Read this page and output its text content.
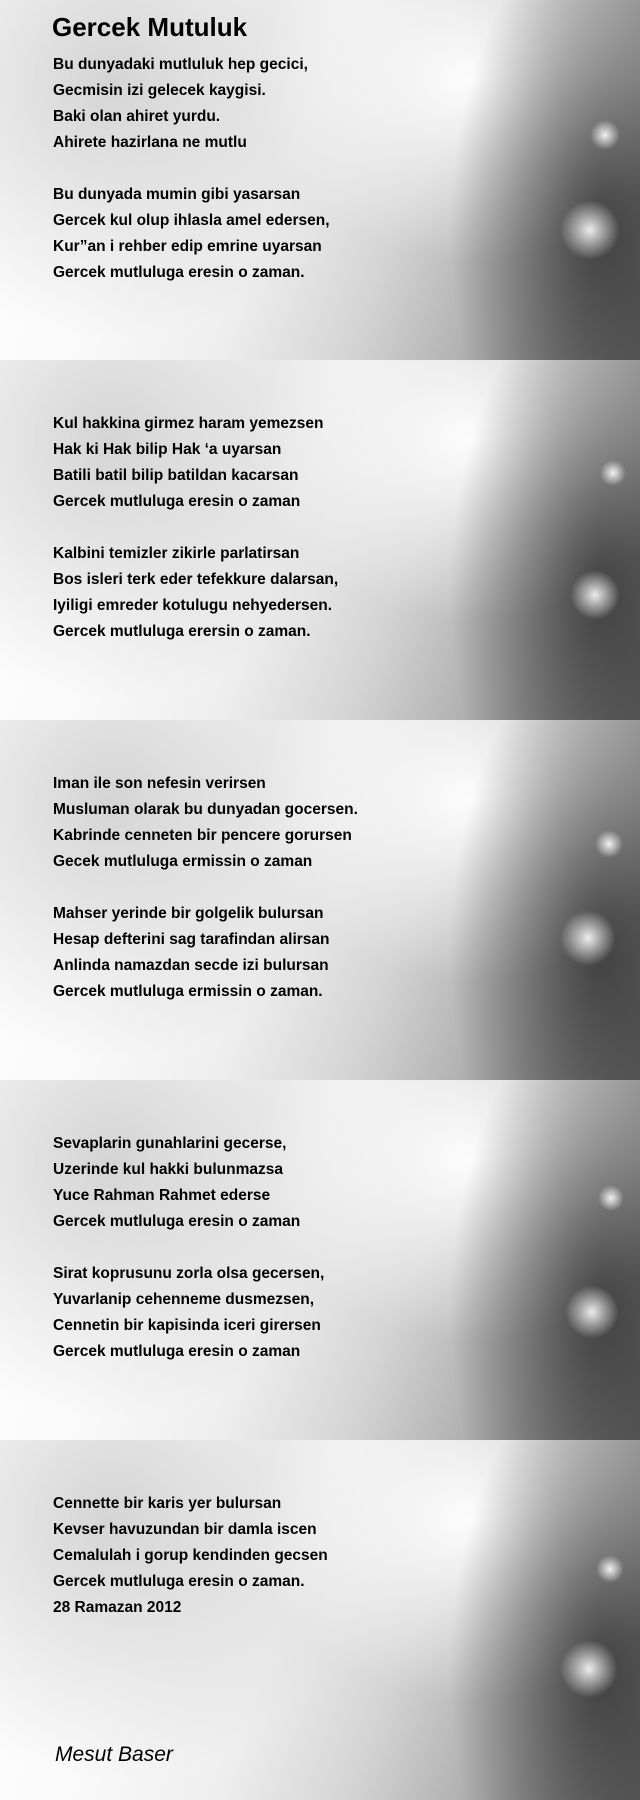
Gercek Mutuluk
Bu dunyadaki mutluluk hep gecici,
Gecmisin izi gelecek kaygisi.
Baki olan ahiret yurdu.
Ahirete hazirlana ne mutlu
Bu dunyada mumin gibi yasarsan
Gercek kul olup ihlasla amel edersen,
Kur”an i rehber edip emrine uyarsan
Gercek mutluluga eresin o zaman.
Kul hakkina girmez haram yemezsen
Hak ki Hak bilip Hak ‘a uyarsan
Batili batil bilip batildan kacarsan
Gercek mutluluga eresin o zaman
Kalbini temizler zikirle parlatirsan
Bos isleri terk eder tefekkure dalarsan,
Iyiligi emreder kotulugu nehyedersen.
Gercek mutluluga erersin o zaman.
Iman ile son nefesin verirsen
Musluman olarak bu dunyadan gocersen.
Kabrinde cenneten bir pencere gorursen
Gecek mutluluga ermissin o zaman
Mahser yerinde bir golgelik bulursan
Hesap defterini sag tarafindan alirsan
Anlinda namazdan secde izi bulursan
Gercek mutluluga ermissin o zaman.
Sevaplarin gunahlarini gecerse,
Uzerinde kul hakki bulunmazsa
Yuce Rahman Rahmet ederse
Gercek mutluluga eresin o zaman
Sirat koprusunu zorla olsa gecersen,
Yuvarlanip cehenneme dusmezsen,
Cennetin bir kapisinda iceri girersen
Gercek mutluluga eresin o zaman
Cennette bir karis yer bulursan
Kevser havuzundan bir damla iscen
Cemalulah i gorup kendinden gecsen
Gercek mutluluga eresin o zaman.
28 Ramazan 2012
Mesut Baser
